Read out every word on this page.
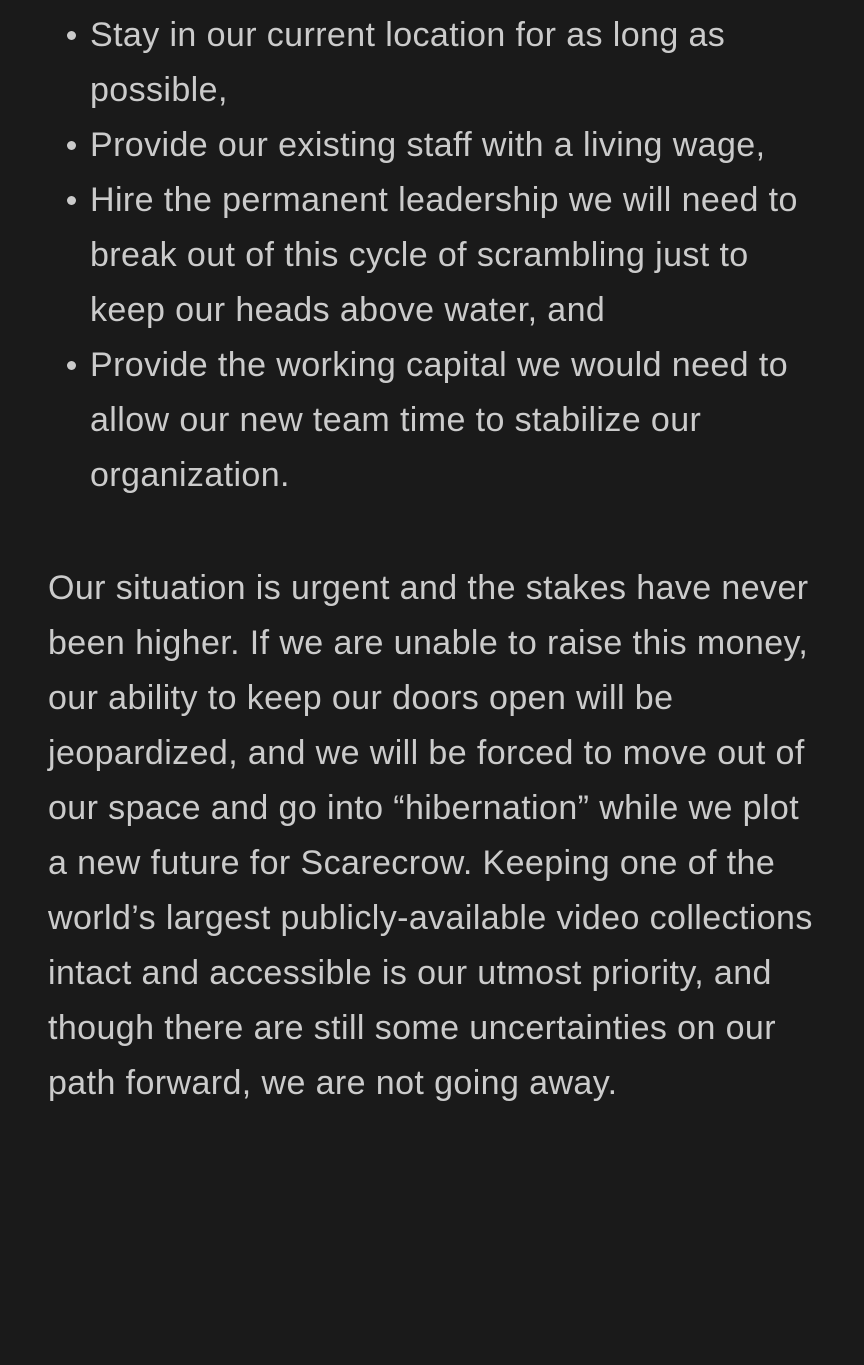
Stay in our current location for as long as possible,
Provide our existing staff with a living wage,
Hire the permanent leadership we will need to break out of this cycle of scrambling just to keep our heads above water, and
Provide the working capital we would need to allow our new team time to stabilize our organization.

Our situation is urgent and the stakes have never been higher. If we are unable to raise this money, our ability to keep our doors open will be jeopardized, and we will be forced to move out of our space and go into “hibernation” while we plot a new future for Scarecrow. Keeping one of the world’s largest publicly-available video collections intact and accessible is our utmost priority, and though there are still some uncertainties on our path forward, we are not going away.
